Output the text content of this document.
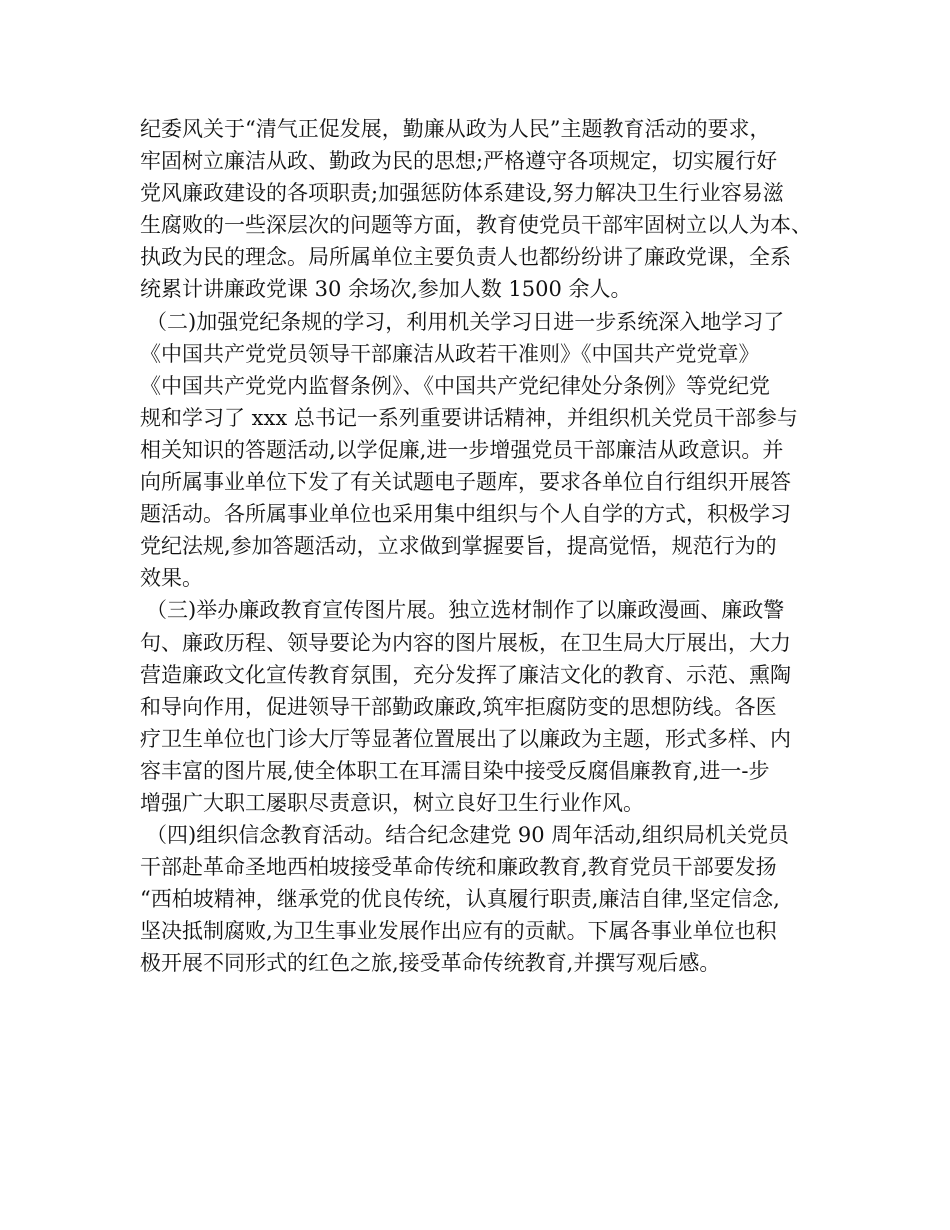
纪委风关于“清气正促发展，勤廉从政为人民”主题教育活动的要求，
牢固树立廉洁从政、勤政为民的思想;严格遵守各项规定，切实履行好
党风廉政建设的各项职责;加强惩防体系建设,努力解决卫生行业容易滋
生腐败的一些深层次的问题等方面，教育使党员干部牢固树立以人为本、
执政为民的理念。局所属单位主要负责人也都纷纷讲了廉政党课，全系
统累计讲廉政党课 30 余场次,参加人数 1500 余人。
（二)加强党纪条规的学习，利用机关学习日进一步系统深入地学习了
《中国共产党党员领导干部廉洁从政若干准则》《中国共产党党章》
《中国共产党党内监督条例》、《中国共产党纪律处分条例》等党纪党
规和学习了 xxx 总书记一系列重要讲话精神，并组织机关党员干部参与
相关知识的答题活动,以学促廉,进一步增强党员干部廉洁从政意识。并
向所属事业单位下发了有关试题电子题库，要求各单位自行组织开展答
题活动。各所属事业单位也采用集中组织与个人自学的方式，积极学习
党纪法规,参加答题活动，立求做到掌握要旨，提高觉悟，规范行为的
效果。
（三)举办廉政教育宣传图片展。独立选材制作了以廉政漫画、廉政警
句、廉政历程、领导要论为内容的图片展板，在卫生局大厅展出，大力
营造廉政文化宣传教育氛围，充分发挥了廉洁文化的教育、示范、熏陶
和导向作用，促进领导干部勤政廉政,筑牢拒腐防变的思想防线。各医
疗卫生单位也门诊大厅等显著位置展出了以廉政为主题，形式多样、内
容丰富的图片展,使全体职工在耳濡目染中接受反腐倡廉教育,进一-步
增强广大职工屡职尽责意识，树立良好卫生行业作风。
（四)组织信念教育活动。结合纪念建党 90 周年活动,组织局机关党员
干部赴革命圣地西柏坡接受革命传统和廉政教育,教育党员干部要发扬
“西柏坡精神，继承党的优良传统，认真履行职责,廉洁自律,坚定信念,
坚决抵制腐败,为卫生事业发展作出应有的贡献。下属各事业单位也积
极开展不同形式的红色之旅,接受革命传统教育,并撰写观后感。
